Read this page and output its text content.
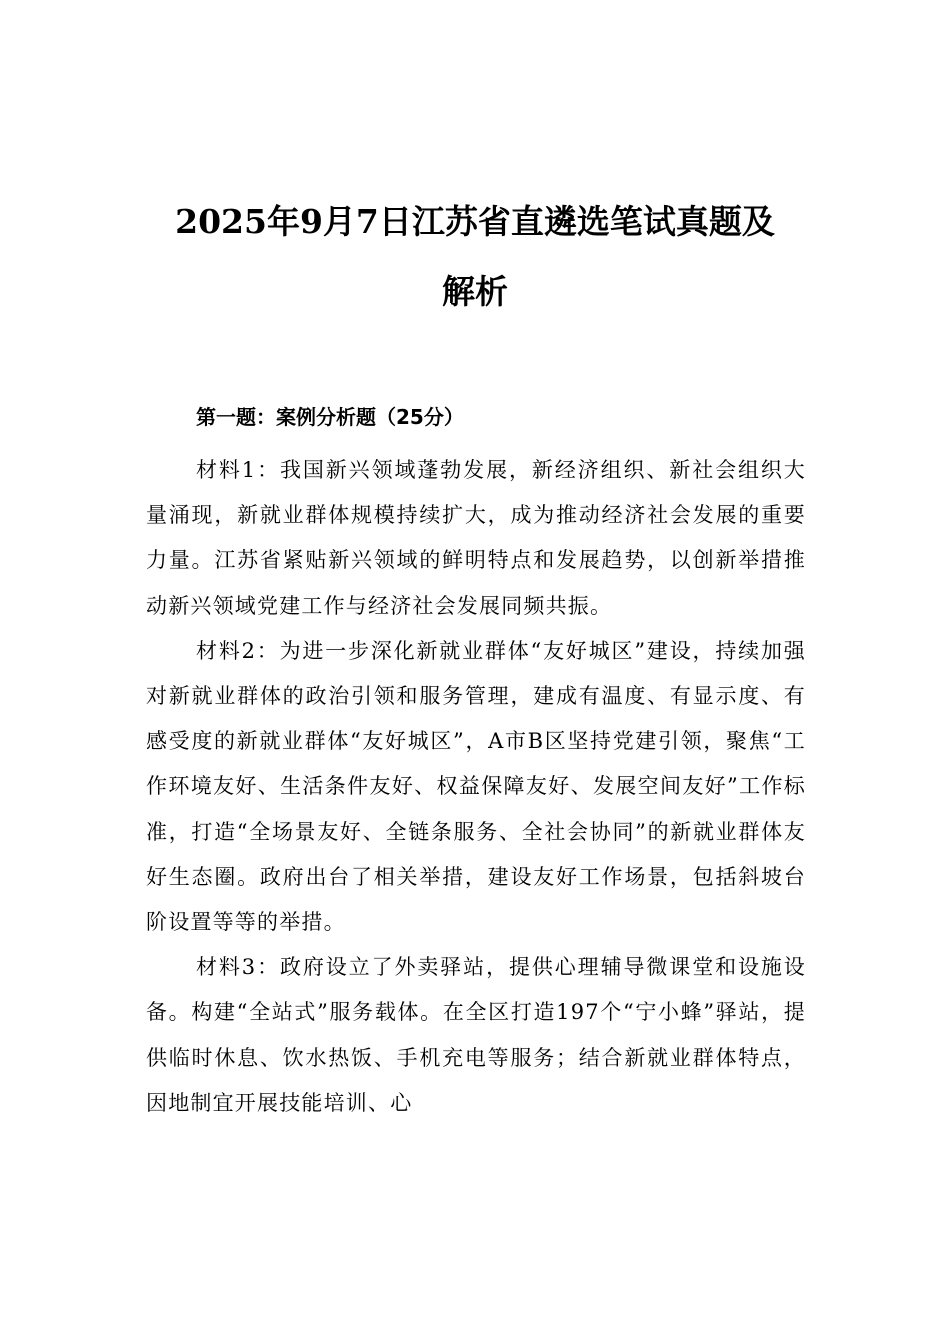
2025年9月7日江苏省直遴选笔试真题及
解析
第一题：案例分析题（25分）

材料1：我国新兴领域蓬勃发展，新经济组织、新社会组织大量涌现，新就业群体规模持续扩大，成为推动经济社会发展的重要力量。江苏省紧贴新兴领域的鲜明特点和发展趋势，以创新举措推动新兴领域党建工作与经济社会发展同频共振。

材料2：为进一步深化新就业群体“友好城区”建设，持续加强对新就业群体的政治引领和服务管理，建成有温度、有显示度、有感受度的新就业群体“友好城区”，A市B区坚持党建引领，聚焦“工作环境友好、生活条件友好、权益保障友好、发展空间友好”工作标准，打造“全场景友好、全链条服务、全社会协同”的新就业群体友好生态圈。政府出台了相关举措，建设友好工作场景，包括斜坡台阶设置等等的举措。

材料3：政府设立了外卖驿站，提供心理辅导微课堂和设施设备。构建“全站式”服务载体。在全区打造197个“宁小蜂”驿站，提供临时休息、饮水热饭、手机充电等服务；结合新就业群体特点，因地制宜开展技能培训、心
